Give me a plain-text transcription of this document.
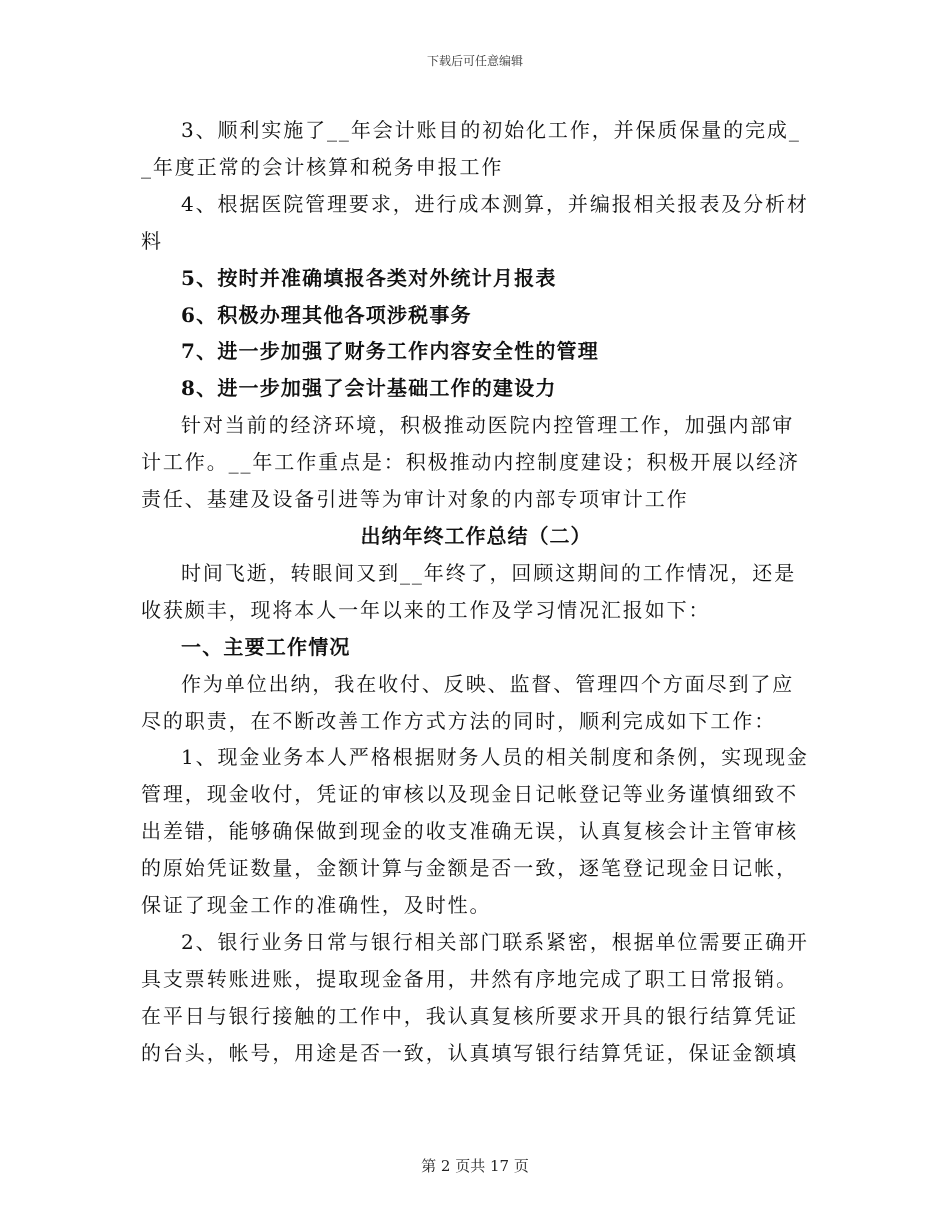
下载后可任意编辑

3、顺利实施了__年会计账目的初始化工作，并保质保量的完成__年度正常的会计核算和税务申报工作

4、根据医院管理要求，进行成本测算，并编报相关报表及分析材料

5、按时并准确填报各类对外统计月报表

6、积极办理其他各项涉税事务

7、进一步加强了财务工作内容安全性的管理

8、进一步加强了会计基础工作的建设力

针对当前的经济环境，积极推动医院内控管理工作，加强内部审计工作。__年工作重点是：积极推动内控制度建设；积极开展以经济责任、基建及设备引进等为审计对象的内部专项审计工作

出纳年终工作总结（二）

时间飞逝，转眼间又到__年终了，回顾这期间的工作情况，还是收获颇丰，现将本人一年以来的工作及学习情况汇报如下：

一、主要工作情况

作为单位出纳，我在收付、反映、监督、管理四个方面尽到了应尽的职责，在不断改善工作方式方法的同时，顺利完成如下工作：

1、现金业务本人严格根据财务人员的相关制度和条例，实现现金管理，现金收付，凭证的审核以及现金日记帐登记等业务谨慎细致不出差错，能够确保做到现金的收支准确无误，认真复核会计主管审核的原始凭证数量，金额计算与金额是否一致，逐笔登记现金日记帐，保证了现金工作的准确性，及时性。

2、银行业务日常与银行相关部门联系紧密，根据单位需要正确开具支票转账进账，提取现金备用，井然有序地完成了职工日常报销。在平日与银行接触的工作中，我认真复核所要求开具的银行结算凭证的台头，帐号，用途是否一致，认真填写银行结算凭证，保证金额填

第 2 页共 17 页
